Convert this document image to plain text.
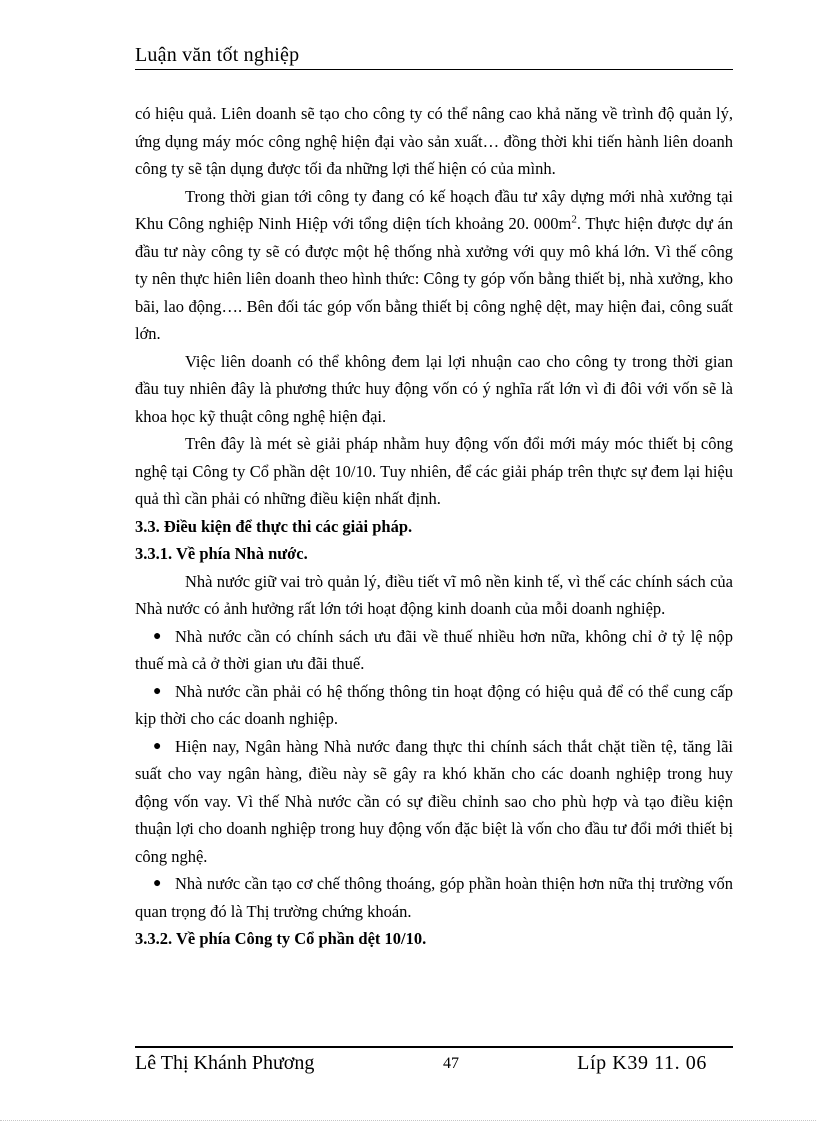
Luận văn tốt nghiệp

có hiệu quả. Liên doanh sẽ tạo cho công ty có thể nâng cao khả năng về trình độ quản lý, ứng dụng máy móc công nghệ hiện đại vào sản xuất… đồng thời khi tiến hành liên doanh công ty sẽ tận dụng được tối đa những lợi thế hiện có của mình.

Trong thời gian tới công ty đang có kế hoạch đầu tư xây dựng mới nhà xưởng tại Khu Công nghiệp Ninh Hiệp với tổng diện tích khoảng 20. $000m^2$. Thực hiện được dự án đầu tư này công ty sẽ có được một hệ thống nhà xưởng với quy mô khá lớn. Vì thế công ty nên thực hiên liên doanh theo hình thức: Công ty góp vốn bằng thiết bị, nhà xưởng, kho bãi, lao động…. Bên đối tác góp vốn bằng thiết bị công nghệ dệt, may hiện đai, công suất lớn.

Việc liên doanh có thể không đem lại lợi nhuận cao cho công ty trong thời gian đầu tuy nhiên đây là phương thức huy động vốn có ý nghĩa rất lớn vì đi đôi với vốn sẽ là khoa học kỹ thuật công nghệ hiện đại.

Trên đây là mét sè giải pháp nhằm huy động vốn đổi mới máy móc thiết bị công nghệ tại Công ty Cổ phần dệt 10/10. Tuy nhiên, để các giải pháp trên thực sự đem lại hiệu quả thì cần phải có những điều kiện nhất định.

3.3. Điều kiện để thực thi các giải pháp.

3.3.1. Về phía Nhà nước.

Nhà nước giữ vai trò quản lý, điều tiết vĩ mô nền kinh tế, vì thế các chính sách của Nhà nước có ảnh hưởng rất lớn tới hoạt động kinh doanh của mỗi doanh nghiệp.

● Nhà nước cần có chính sách ưu đãi về thuế nhiều hơn nữa, không chỉ ở tỷ lệ nộp thuế mà cả ở thời gian ưu đãi thuế.

● Nhà nước cần phải có hệ thống thông tin hoạt động có hiệu quả để có thể cung cấp kịp thời cho các doanh nghiệp.

● Hiện nay, Ngân hàng Nhà nước đang thực thi chính sách thắt chặt tiền tệ, tăng lãi suất cho vay ngân hàng, điều này sẽ gây ra khó khăn cho các doanh nghiệp trong huy động vốn vay. Vì thế Nhà nước cần có sự điều chỉnh sao cho phù hợp và tạo điều kiện thuận lợi cho doanh nghiệp trong huy động vốn đặc biệt là vốn cho đầu tư đổi mới thiết bị công nghệ.

● Nhà nước cần tạo cơ chế thông thoáng, góp phần hoàn thiện hơn nữa thị trường vốn quan trọng đó là Thị trường chứng khoán.

3.3.2. Về phía Công ty Cổ phần dệt 10/10.

Lê Thị Khánh Phương	47	Líp K39 11. 06
